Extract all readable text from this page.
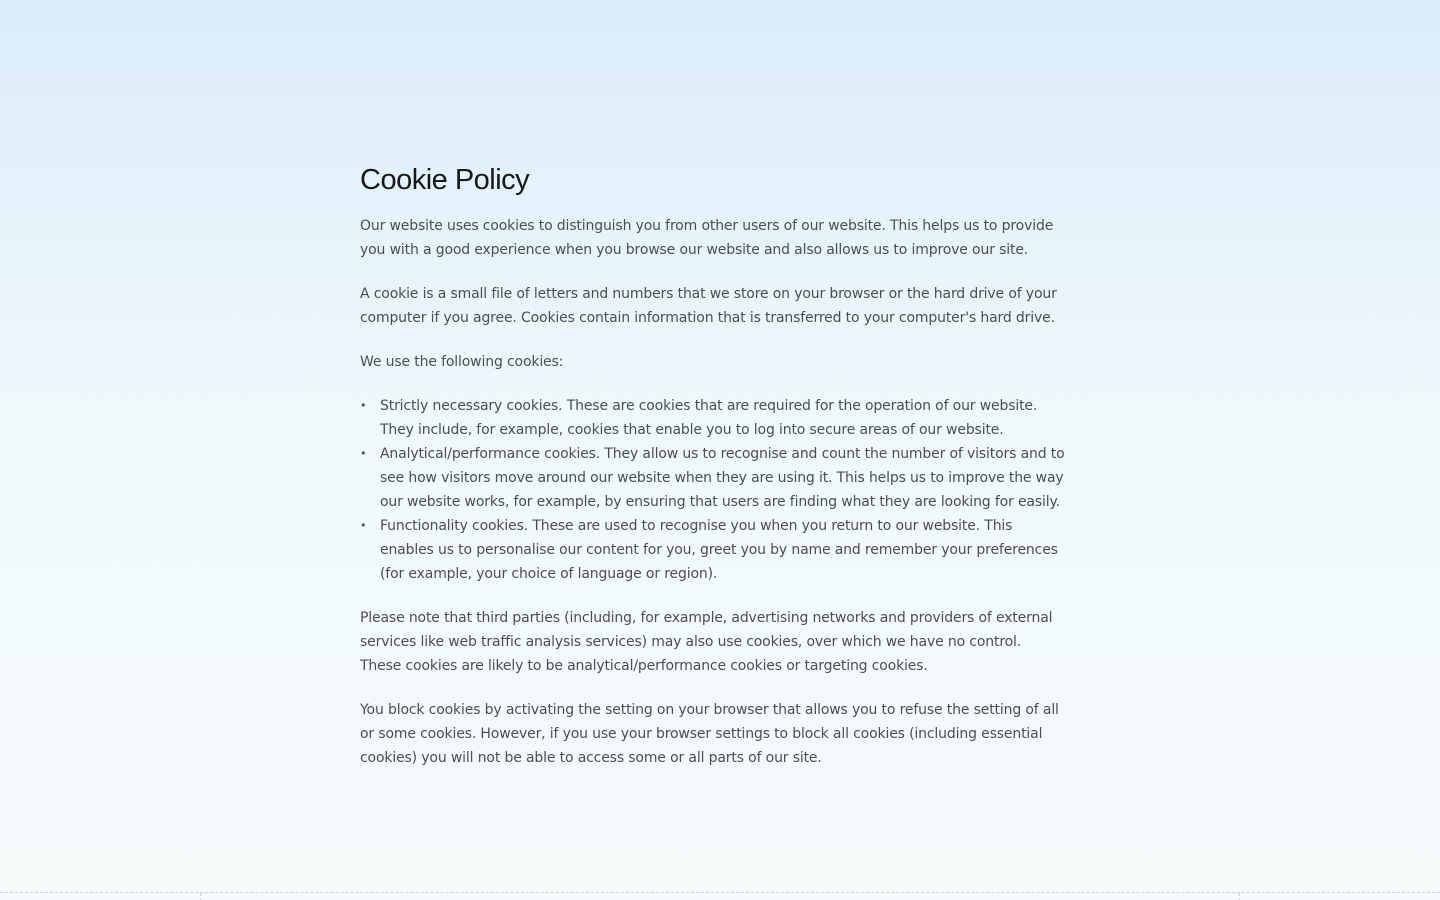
Cookie Policy

Our website uses cookies to distinguish you from other users of our website. This helps us to provide you with a good experience when you browse our website and also allows us to improve our site.

A cookie is a small file of letters and numbers that we store on your browser or the hard drive of your computer if you agree. Cookies contain information that is transferred to your computer's hard drive.

We use the following cookies:

• Strictly necessary cookies. These are cookies that are required for the operation of our website. They include, for example, cookies that enable you to log into secure areas of our website.
• Analytical/performance cookies. They allow us to recognise and count the number of visitors and to see how visitors move around our website when they are using it. This helps us to improve the way our website works, for example, by ensuring that users are finding what they are looking for easily.
• Functionality cookies. These are used to recognise you when you return to our website. This enables us to personalise our content for you, greet you by name and remember your preferences (for example, your choice of language or region).

Please note that third parties (including, for example, advertising networks and providers of external services like web traffic analysis services) may also use cookies, over which we have no control. These cookies are likely to be analytical/performance cookies or targeting cookies.

You block cookies by activating the setting on your browser that allows you to refuse the setting of all or some cookies. However, if you use your browser settings to block all cookies (including essential cookies) you will not be able to access some or all parts of our site.
